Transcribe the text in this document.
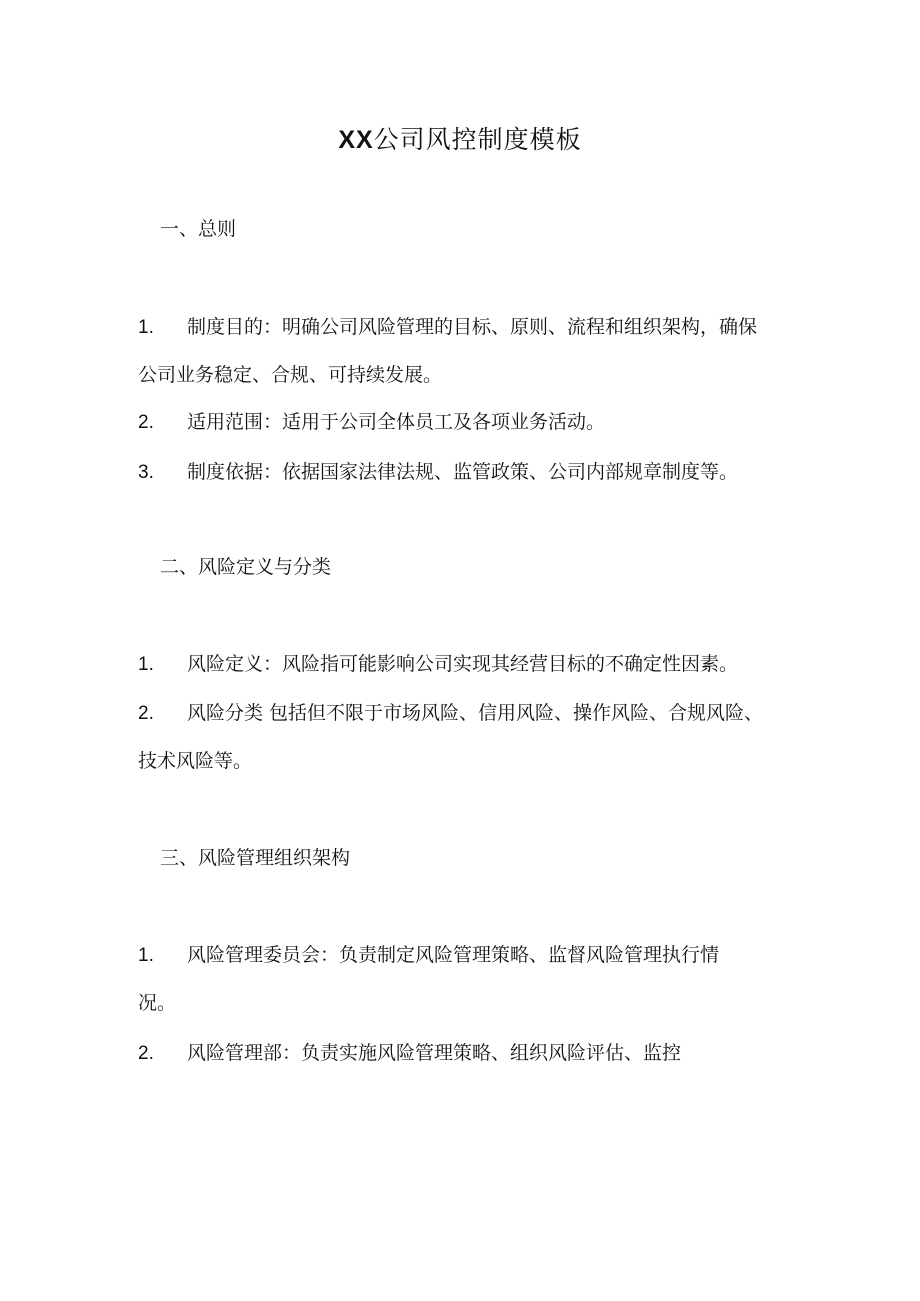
XX公司风控制度模板
一、总则
1. 制度目的：明确公司风险管理的目标、原则、流程和组织架构，确保
公司业务稳定、合规、可持续发展。
2. 适用范围：适用于公司全体员工及各项业务活动。
3. 制度依据：依据国家法律法规、监管政策、公司内部规章制度等。
二、风险定义与分类
1. 风险定义：风险指可能影响公司实现其经营目标的不确定性因素。
2. 风险分类 包括但不限于市场风险、信用风险、操作风险、合规风险、
技术风险等。
三、风险管理组织架构
1. 风险管理委员会：负责制定风险管理策略、监督风险管理执行情
况。
2. 风险管理部：负责实施风险管理策略、组织风险评估、监控
